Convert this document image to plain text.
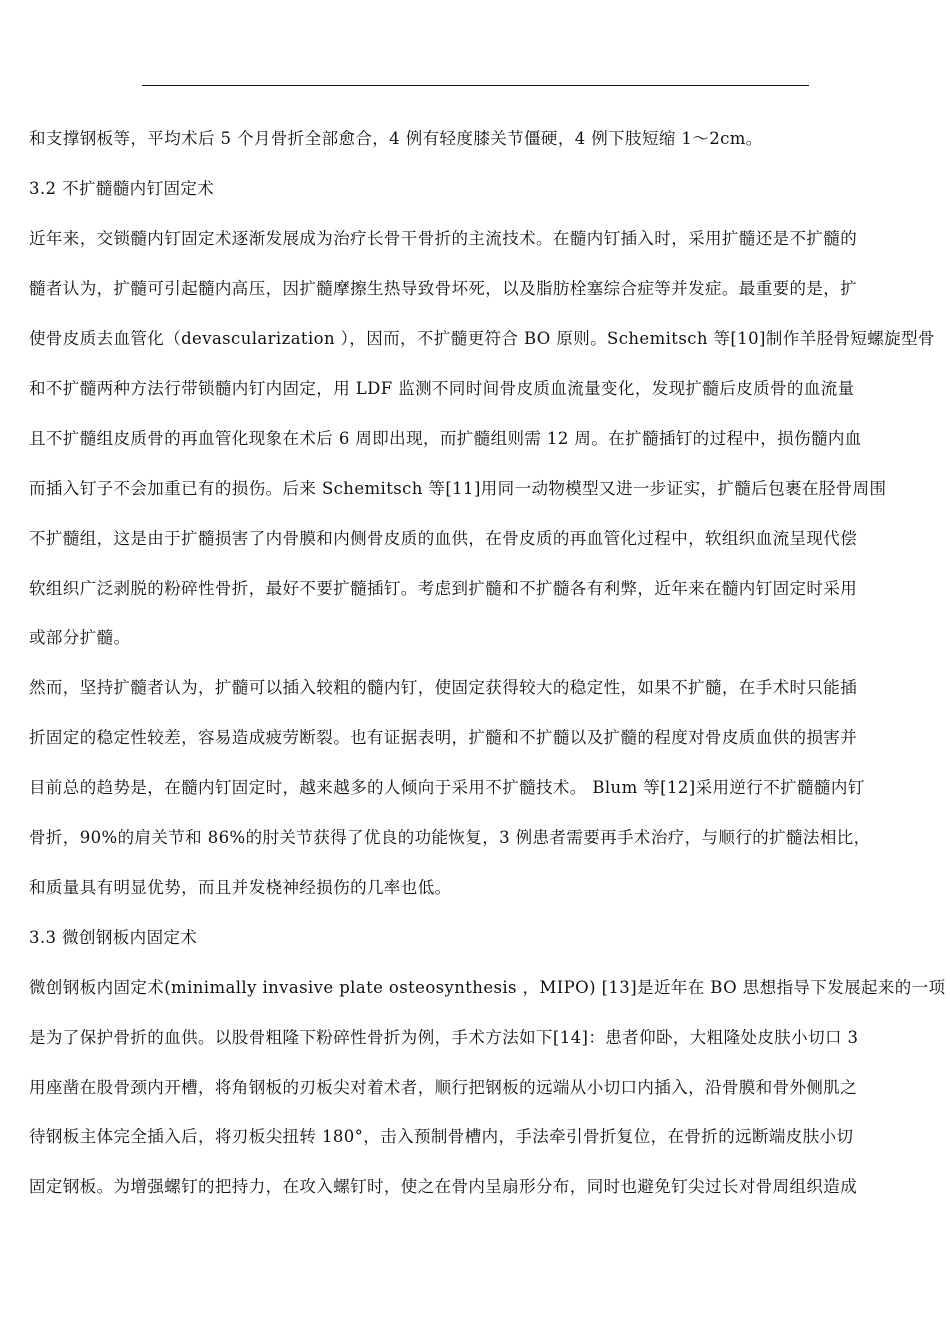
和支撑钢板等，平均术后 5 个月骨折全部愈合，4 例有轻度膝关节僵硬，4 例下肢短缩 1～2cm。
3.2 不扩髓髓内钉固定术
近年来，交锁髓内钉固定术逐渐发展成为治疗长骨干骨折的主流技术。在髓内钉插入时，采用扩髓还是不扩髓的
髓者认为，扩髓可引起髓内高压，因扩髓摩擦生热导致骨坏死，以及脂肪栓塞综合症等并发症。最重要的是，扩
使骨皮质去血管化（devascularization ），因而，不扩髓更符合 BO 原则。Schemitsch 等[10]制作羊胫骨短螺旋型骨
和不扩髓两种方法行带锁髓内钉内固定，用 LDF 监测不同时间骨皮质血流量变化，发现扩髓后皮质骨的血流量
且不扩髓组皮质骨的再血管化现象在术后 6 周即出现，而扩髓组则需 12 周。在扩髓插钉的过程中，损伤髓内血
而插入钉子不会加重已有的损伤。后来 Schemitsch 等[11]用同一动物模型又进一步证实，扩髓后包裹在胫骨周围
不扩髓组，这是由于扩髓损害了内骨膜和内侧骨皮质的血供，在骨皮质的再血管化过程中，软组织血流呈现代偿
软组织广泛剥脱的粉碎性骨折，最好不要扩髓插钉。考虑到扩髓和不扩髓各有利弊，近年来在髓内钉固定时采用
或部分扩髓。
然而，坚持扩髓者认为，扩髓可以插入较粗的髓内钉，使固定获得较大的稳定性，如果不扩髓，在手术时只能插
折固定的稳定性较差，容易造成疲劳断裂。也有证据表明，扩髓和不扩髓以及扩髓的程度对骨皮质血供的损害并
目前总的趋势是，在髓内钉固定时，越来越多的人倾向于采用不扩髓技术。 Blum 等[12]采用逆行不扩髓髓内钉
骨折，90%的肩关节和 86%的肘关节获得了优良的功能恢复，3 例患者需要再手术治疗，与顺行的扩髓法相比，
和质量具有明显优势，而且并发桡神经损伤的几率也低。
3.3 微创钢板内固定术
微创钢板内固定术(minimally invasive plate osteosynthesis ，MIPO) [13]是近年在 BO 思想指导下发展起来的一项
是为了保护骨折的血供。以股骨粗隆下粉碎性骨折为例，手术方法如下[14]：患者仰卧，大粗隆处皮肤小切口 3
用座凿在股骨颈内开槽，将角钢板的刃板尖对着术者，顺行把钢板的远端从小切口内插入，沿骨膜和骨外侧肌之
待钢板主体完全插入后，将刃板尖扭转 180°，击入预制骨槽内，手法牵引骨折复位，在骨折的远断端皮肤小切
固定钢板。为增强螺钉的把持力，在攻入螺钉时，使之在骨内呈扇形分布，同时也避免钉尖过长对骨周组织造成
